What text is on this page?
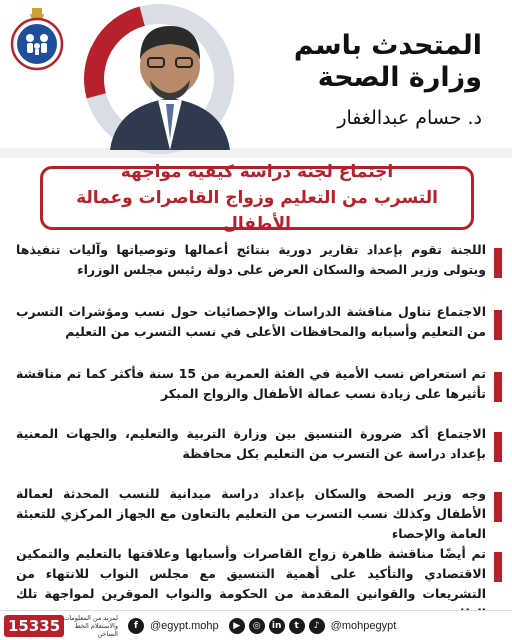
المتحدث باسم
وزارة الصحة
د. حسام عبدالغفار
اجتماع لجنة دراسة كيفية مواجهة
التسرب من التعليم وزواج القاصرات وعمالة الأطفال
اللجنة تقوم بإعداد تقارير دورية بنتائج أعمالها وتوصياتها وآليات تنفيذها ويتولى وزير الصحة والسكان العرض على دولة رئيس مجلس الوزراء
الاجتماع تناول مناقشة الدراسات والإحصائيات حول نسب ومؤشرات التسرب من التعليم وأسبابه والمحافظات الأعلى في نسب التسرب من التعليم
تم استعراض نسب الأمية في الفئة العمرية من 15 سنة فأكثر كما تم مناقشة تأثيرها على زيادة نسب عمالة الأطفال والزواج المبكر
الاجتماع أكد ضرورة التنسيق بين وزارة التربية والتعليم، والجهات المعنية بإعداد دراسة عن التسرب من التعليم بكل محافظة
وجه وزير الصحة والسكان بإعداد دراسة ميدانية للنسب المحدثة لعمالة الأطفال وكذلك نسب التسرب من التعليم بالتعاون مع الجهاز المركزي للتعبئة العامة والإحصاء
تم أيضًا مناقشة ظاهرة زواج القاصرات وأسبابها وعلاقتها بالتعليم والتمكين الاقتصادي والتأكيد على أهمية التنسيق مع مجلس النواب للانتهاء من التشريعات والقوانين المقدمة من الحكومة والنواب الموقرين لمواجهة تلك
15335 لمزيد من المعلومات والاستعلام الخط الساخن
f	@egypt.mohp	▶	◎	in	t	♪	@mohpegypt
